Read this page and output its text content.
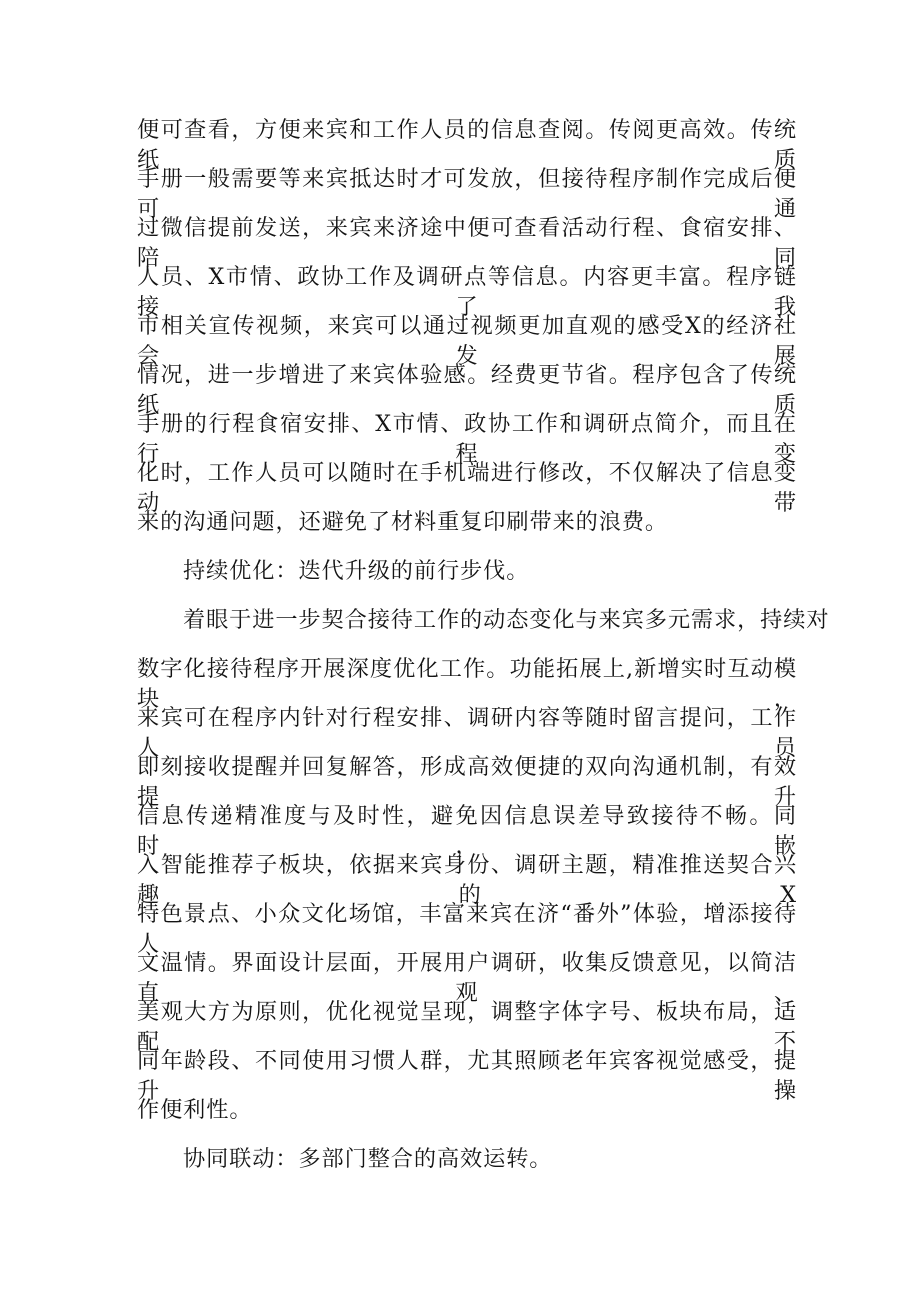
便可查看，方便来宾和工作人员的信息查阅。传阅更高效。传统纸质
手册一般需要等来宾抵达时才可发放，但接待程序制作完成后便可通
过微信提前发送，来宾来济途中便可查看活动行程、食宿安排、陪同
人员、X市情、政协工作及调研点等信息。内容更丰富。程序链接了我
市相关宣传视频，来宾可以通过视频更加直观的感受X的经济社会发展
情况，进一步增进了来宾体验感。经费更节省。程序包含了传统纸质
手册的行程食宿安排、X市情、政协工作和调研点简介，而且在行程变
化时，工作人员可以随时在手机端进行修改，不仅解决了信息变动带
来的沟通问题，还避免了材料重复印刷带来的浪费。
持续优化：迭代升级的前行步伐。
着眼于进一步契合接待工作的动态变化与来宾多元需求，持续对
数字化接待程序开展深度优化工作。功能拓展上,新增实时互动模块，
来宾可在程序内针对行程安排、调研内容等随时留言提问，工作人员
即刻接收提醒并回复解答，形成高效便捷的双向沟通机制，有效提升
信息传递精准度与及时性，避免因信息误差导致接待不畅。同时，嵌
入智能推荐子板块，依据来宾身份、调研主题，精准推送契合兴趣的X
特色景点、小众文化场馆，丰富来宾在济“番外”体验，增添接待人
文温情。界面设计层面，开展用户调研，收集反馈意见，以简洁直观、
美观大方为原则，优化视觉呈现，调整字体字号、板块布局，适配不
同年龄段、不同使用习惯人群，尤其照顾老年宾客视觉感受，提升操
作便利性。
协同联动：多部门整合的高效运转。
